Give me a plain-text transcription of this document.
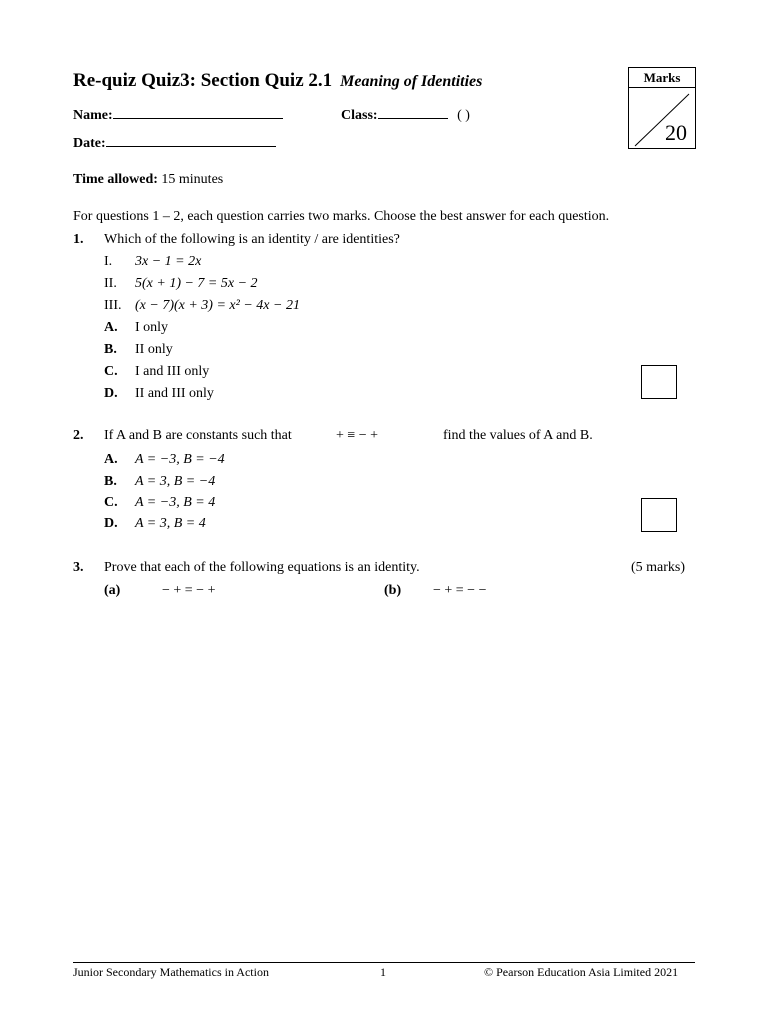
Re-quiz Quiz3: Section Quiz 2.1 Meaning of Identities	Marks
20
Name:	Class:	( )
Date:
Time allowed: 15 minutes
For questions 1 – 2, each question carries two marks. Choose the best answer for each question.
1. Which of the following is an identity / are identities?
I. 3x − 1 = 2x
II. 5(x + 1) − 7 = 5x − 2
III. (x − 7)(x + 3) = x² − 4x − 21
A. I only
B. II only
C. I and III only
D. II and III only
2. If A and B are constants such that	+ ≡ − +	find the values of A and B.
A. A = −3, B = −4
B. A = 3, B = −4
C. A = −3, B = 4
D. A = 3, B = 4
3. Prove that each of the following equations is an identity.	(5 marks)
(a)	− + = − +	(b) − + = − −
Junior Secondary Mathematics in Action	1	© Pearson Education Asia Limited 2021
